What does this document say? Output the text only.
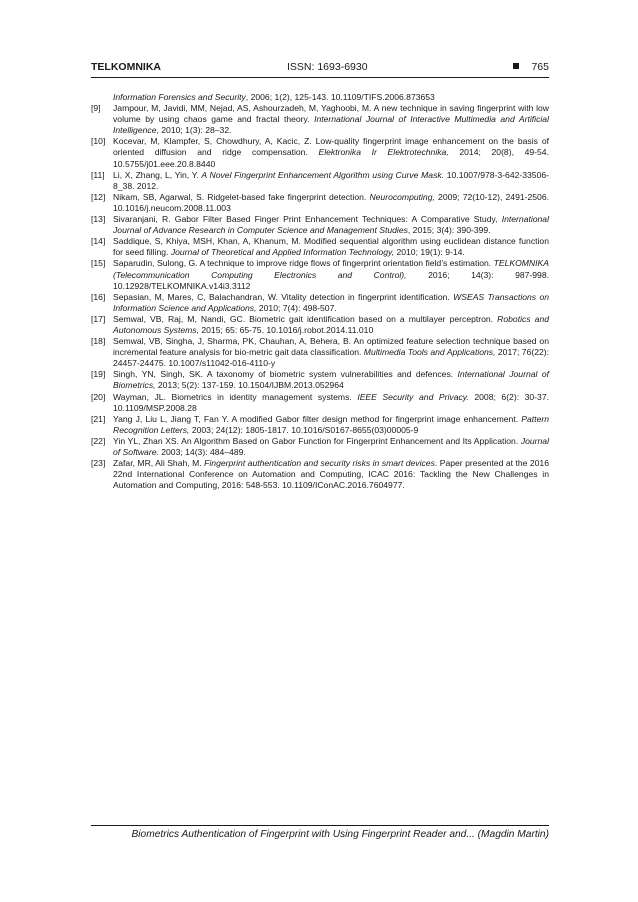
TELKOMNIKA	ISSN: 1693-6930	765
Information Forensics and Security, 2006; 1(2), 125-143. 10.1109/TIFS.2006.873653
[9] Jampour, M, Javidi, MM, Nejad, AS, Ashourzadeh, M, Yaghoobi, M. A new technique in saving fingerprint with low volume by using chaos game and fractal theory. International Journal of Interactive Multimedia and Artificial Intelligence, 2010; 1(3): 28–32.
[10] Kocevar, M, Klampfer, S, Chowdhury, A, Kacic, Z. Low-quality fingerprint image enhancement on the basis of oriented diffusion and ridge compensation. Elektronika Ir Elektrotechnika, 2014; 20(8), 49-54. 10.5755/j01.eee.20.8.8440
[11] Li, X, Zhang, L, Yin, Y. A Novel Fingerprint Enhancement Algorithm using Curve Mask. 10.1007/978-3-642-33506-8_38. 2012.
[12] Nikam, SB, Agarwal, S. Ridgelet-based fake fingerprint detection. Neurocomputing, 2009; 72(10-12), 2491-2506. 10.1016/j.neucom.2008.11.003
[13] Sivaranjani, R. Gabor Filter Based Finger Print Enhancement Techniques: A Comparative Study, International Journal of Advance Research in Computer Science and Management Studies, 2015; 3(4): 390-399.
[14] Saddique, S, Khiya, MSH, Khan, A, Khanum, M. Modified sequential algorithm using euclidean distance function for seed filling. Journal of Theoretical and Applied Information Technology, 2010; 19(1): 9-14.
[15] Saparudin, Sulong, G. A technique to improve ridge flows of fingerprint orientation field’s estimation. TELKOMNIKA (Telecommunication Computing Electronics and Control), 2016; 14(3): 987-998. 10.12928/TELKOMNIKA.v14i3.3112
[16] Sepasian, M, Mares, C, Balachandran, W. Vitality detection in fingerprint identification. WSEAS Transactions on Information Science and Applications, 2010; 7(4): 498-507.
[17] Semwal, VB, Raj, M, Nandi, GC. Biometric gait identification based on a multilayer perceptron. Robotics and Autonomous Systems, 2015; 65: 65-75. 10.1016/j.robot.2014.11.010
[18] Semwal, VB, Singha, J, Sharma, PK, Chauhan, A, Behera, B. An optimized feature selection technique based on incremental feature analysis for bio-metric gait data classification. Multimedia Tools and Applications, 2017; 76(22): 24457-24475. 10.1007/s11042-016-4110-y
[19] Singh, YN, Singh, SK. A taxonomy of biometric system vulnerabilities and defences. International Journal of Biometrics, 2013; 5(2): 137-159. 10.1504/IJBM.2013.052964
[20] Wayman, JL. Biometrics in identity management systems. IEEE Security and Privacy. 2008; 6(2): 30-37. 10.1109/MSP.2008.28
[21] Yang J, Liu L, Jiang T, Fan Y. A modified Gabor filter design method for fingerprint image enhancement. Pattern Recognition Letters, 2003; 24(12): 1805-1817. 10.1016/S0167-8655(03)00005-9
[22] Yin YL, Zhan XS. An Algorithm Based on Gabor Function for Fingerprint Enhancement and Its Application. Journal of Software. 2003; 14(3): 484–489.
[23] Zafar, MR, Ali Shah, M. Fingerprint authentication and security risks in smart devices. Paper presented at the 2016 22nd International Conference on Automation and Computing, ICAC 2016: Tackling the New Challenges in Automation and Computing, 2016: 548-553. 10.1109/IConAC.2016.7604977.
Biometrics Authentication of Fingerprint with Using Fingerprint Reader and... (Magdin Martin)
